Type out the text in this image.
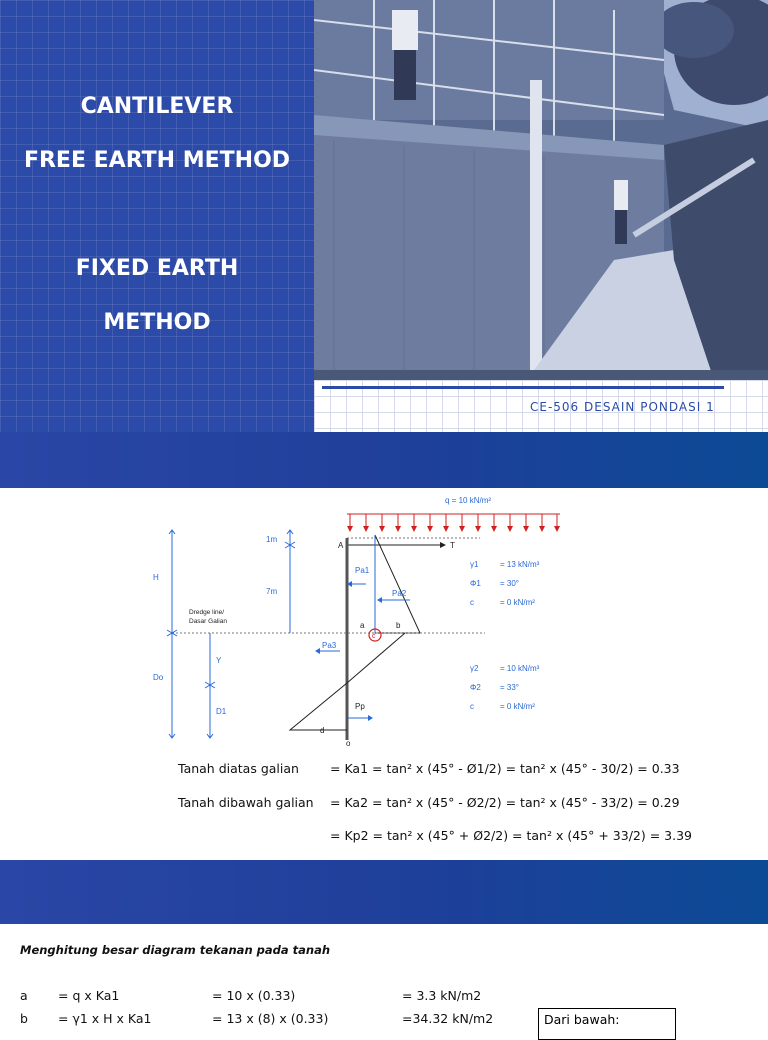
CANTILEVER
FREE EARTH METHOD
FIXED EARTH
METHOD
CE-506 DESAIN PONDASI 1
q = 10 kN/m²
A	T
Pa1
Pa2
Dredge line/
Dasar Galian	a	b
c
Pa3
Pp
d
o
H
Do
1m
7m
Y
D1
γ1	= 13 kN/m³
Φ1 = 30°
c	= 0 kN/m²
γ2	= 10 kN/m³
Φ2 = 33°
c	= 0 kN/m²
Tanah diatas galian = Ka1 = tan² x (45° - Ø1/2) = tan² x (45° - 30/2) = 0.33
Tanah dibawah galian = Ka2 = tan² x (45° - Ø2/2) = tan² x (45° - 33/2) = 0.29
= Kp2 = tan² x (45° + Ø2/2) = tan² x (45° + 33/2) = 3.39
Menghitung besar diagram tekanan pada tanah
a = q x Ka1	= 10 x (0.33)	= 3.3 kN/m2
b = γ1 x H x Ka1	= 13 x (8) x (0.33)	=34.32 kN/m2	Dari bawah:
